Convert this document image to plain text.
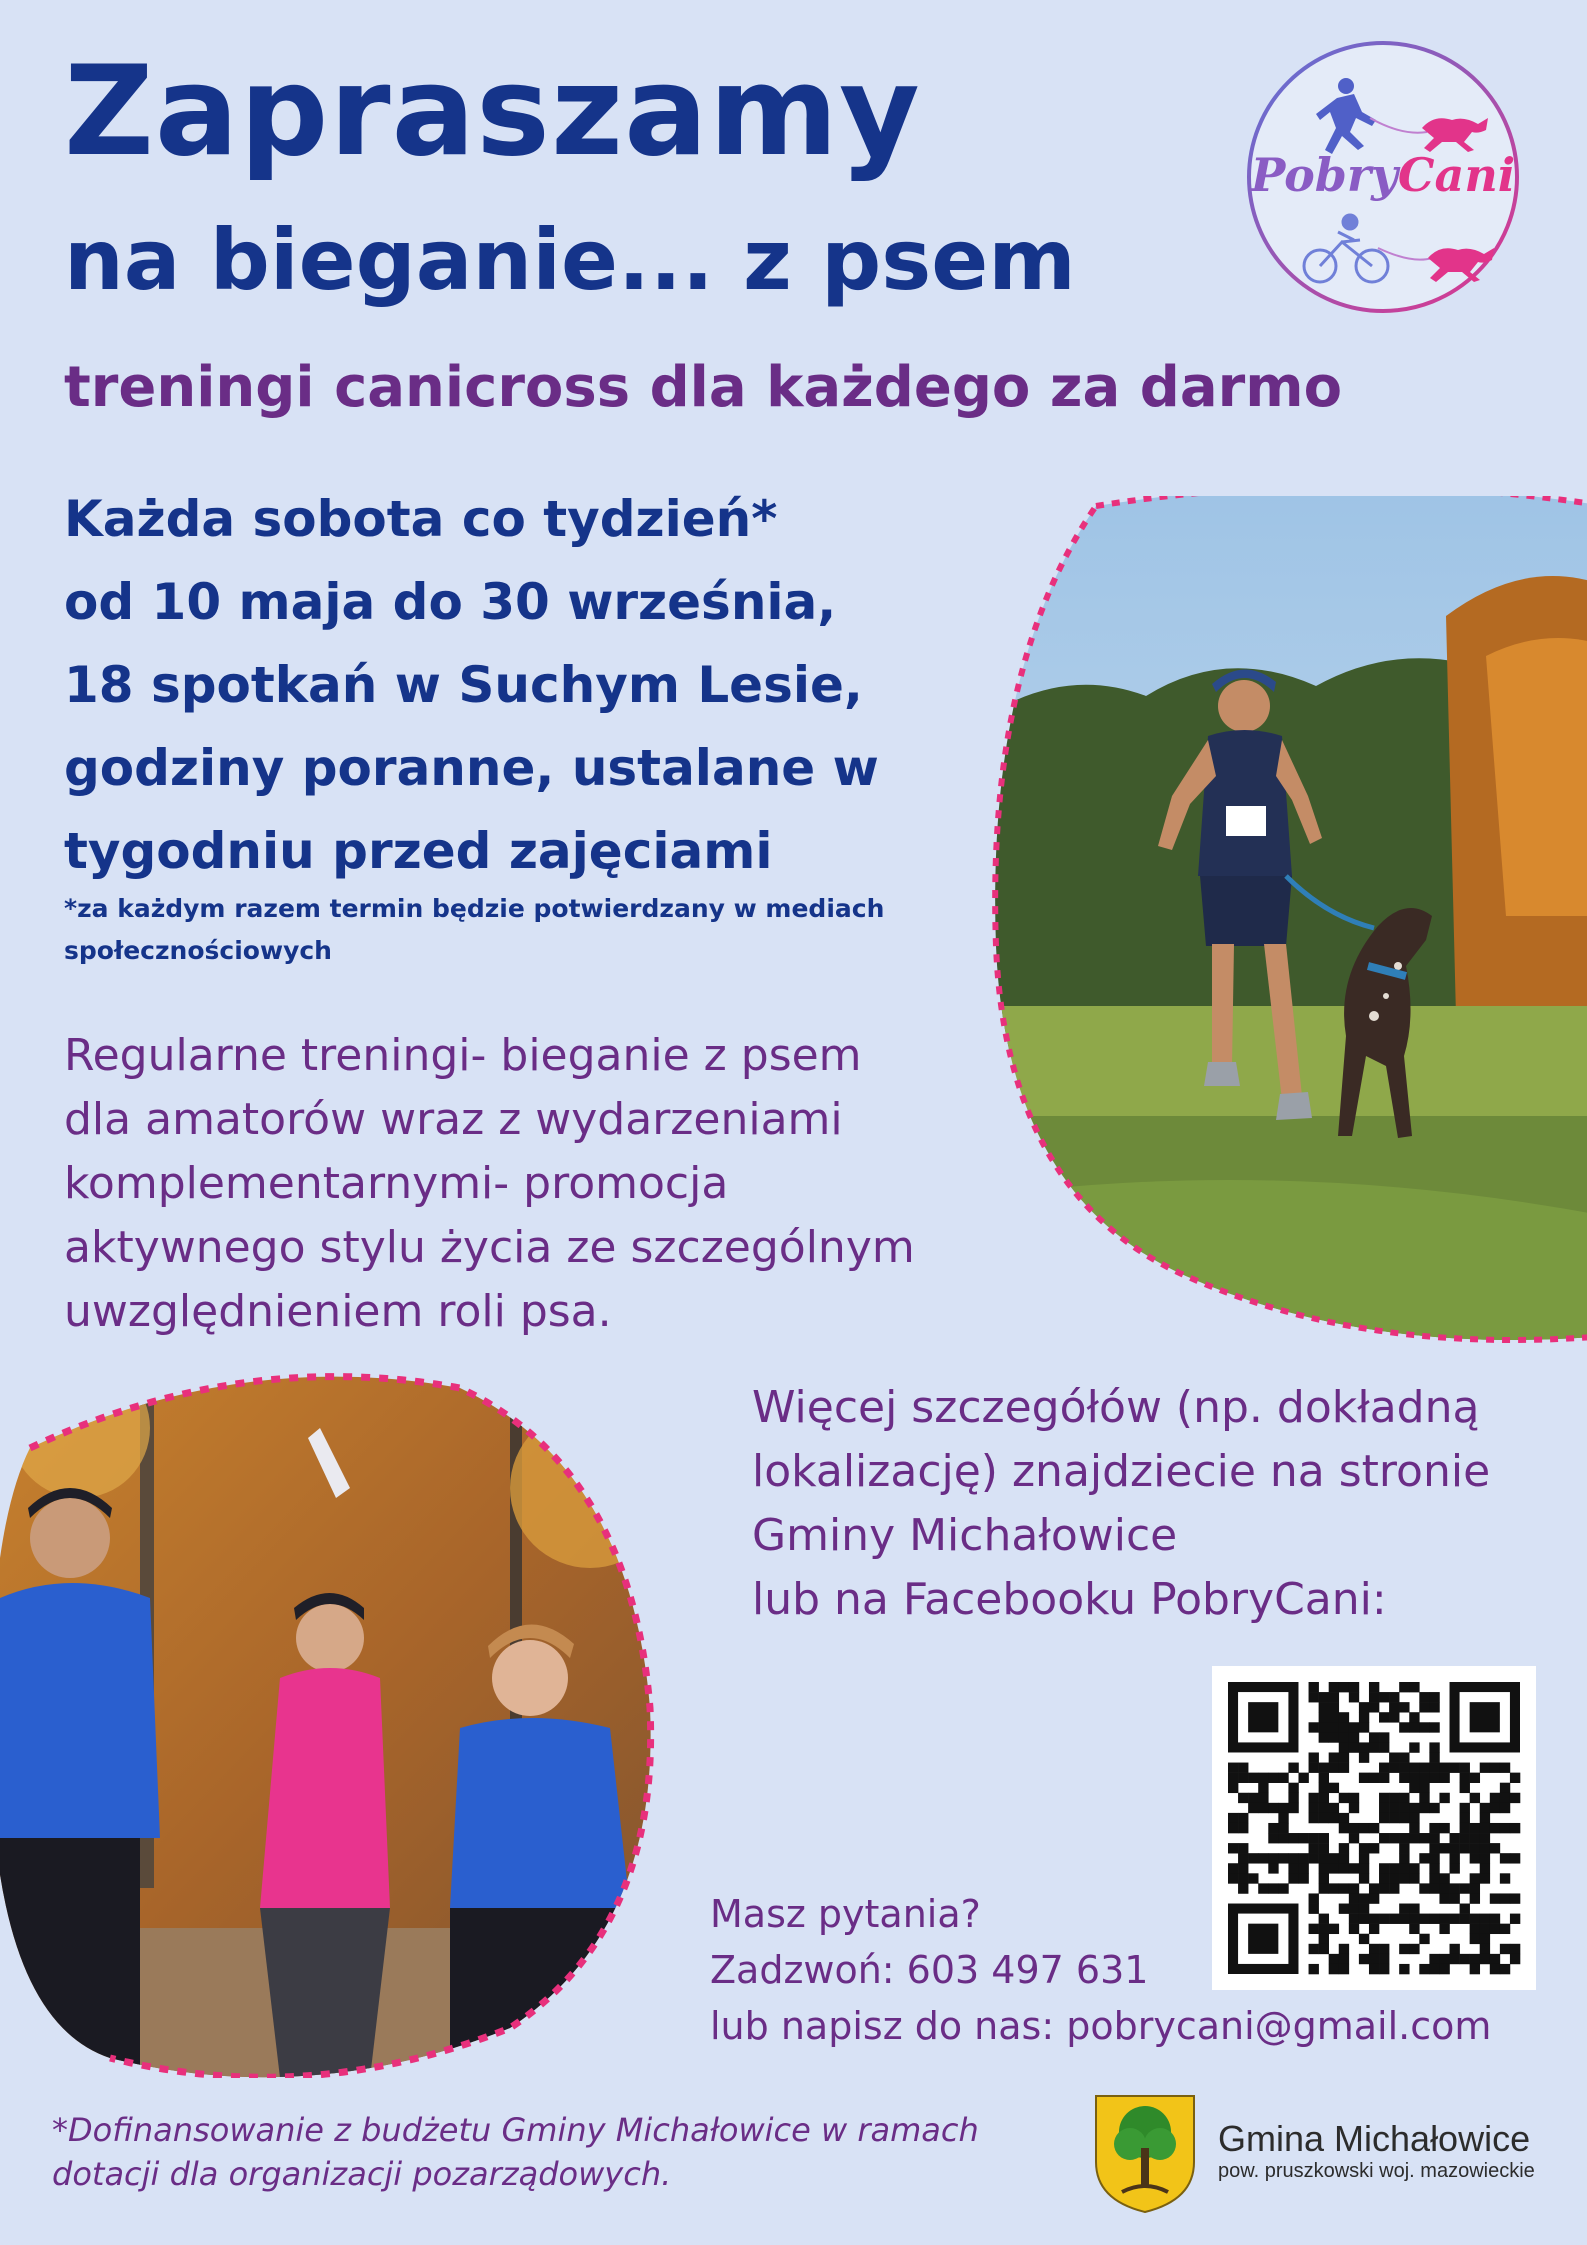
Zapraszamy
na bieganie... z psem
treningi canicross dla każdego za darmo
PobryCani
Każda sobota co tydzień*
od 10 maja do 30 września,
18 spotkań w Suchym Lesie,
godziny poranne, ustalane w
tygodniu przed zajęciami
*za każdym razem termin będzie potwierdzany w mediach społecznościowych
Regularne treningi- bieganie z psem
dla amatorów wraz z wydarzeniami
komplementarnymi- promocja
aktywnego stylu życia ze szczególnym
uwzględnieniem roli psa.
Więcej szczegółów (np. dokładną
lokalizację) znajdziecie na stronie
Gminy Michałowice
lub na Facebooku PobryCani:
Masz pytania?
Zadzwoń: 603 497 631
lub napisz do nas: pobrycani@gmail.com
*Dofinansowanie z budżetu Gminy Michałowice w ramach
dotacji dla organizacji pozarządowych.
Gmina Michałowice
pow. pruszkowski woj. mazowieckie
